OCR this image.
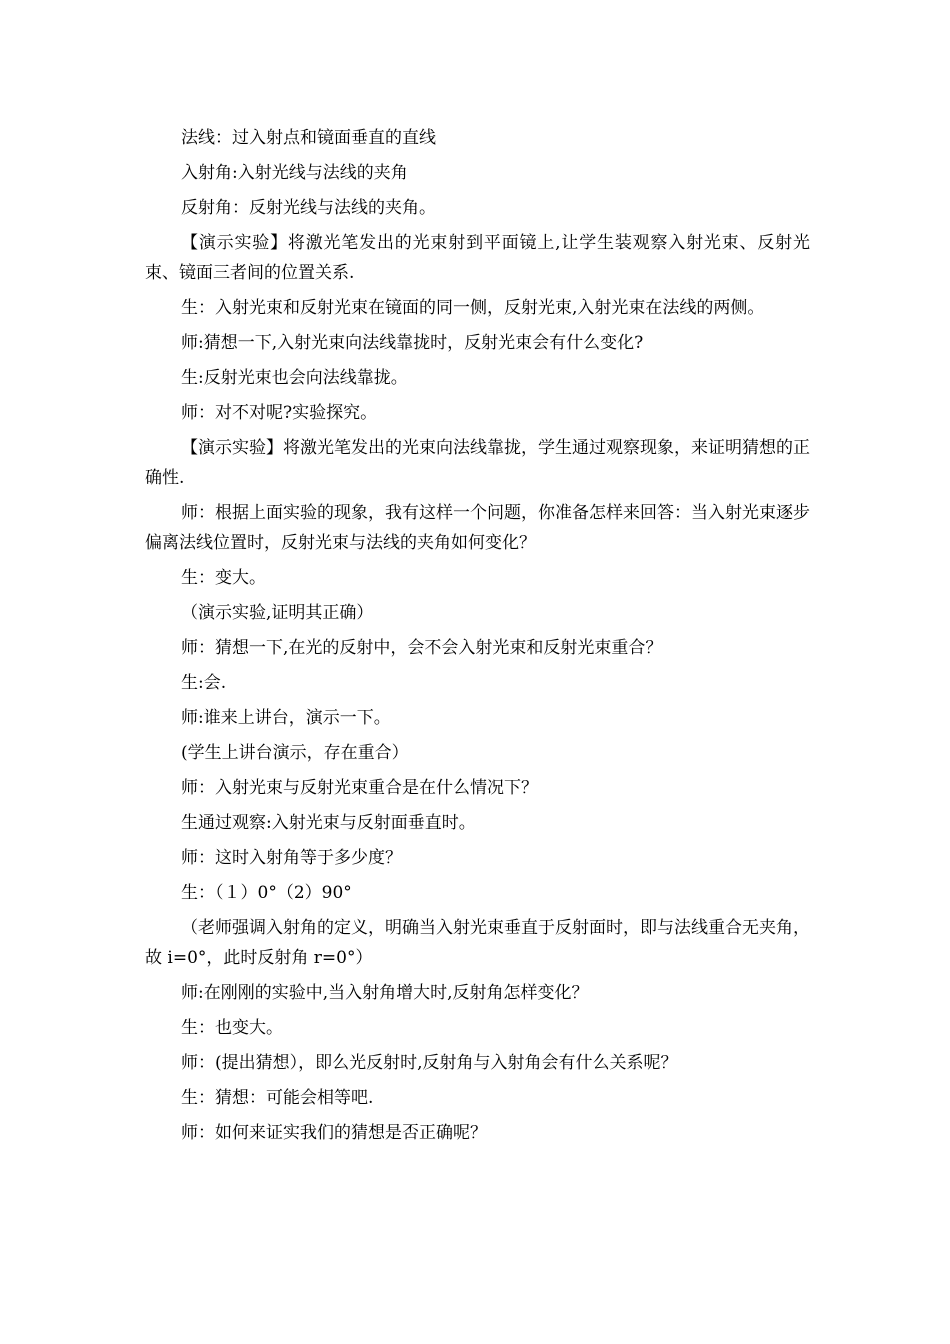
法线：过入射点和镜面垂直的直线

入射角:入射光线与法线的夹角

反射角：反射光线与法线的夹角。

【演示实验】将激光笔发出的光束射到平面镜上,让学生装观察入射光束、反射光束、镜面三者间的位置关系.

生：入射光束和反射光束在镜面的同一侧，反射光束,入射光束在法线的两侧。

师:猜想一下,入射光束向法线靠拢时，反射光束会有什么变化?

生:反射光束也会向法线靠拢。

师：对不对呢?实验探究。

【演示实验】将激光笔发出的光束向法线靠拢，学生通过观察现象，来证明猜想的正确性.

师：根据上面实验的现象，我有这样一个问题，你准备怎样来回答：当入射光束逐步偏离法线位置时，反射光束与法线的夹角如何变化？

生：变大。

（演示实验,证明其正确）

师：猜想一下,在光的反射中，会不会入射光束和反射光束重合？

生:会.

师:谁来上讲台，演示一下。

(学生上讲台演示，存在重合）

师：入射光束与反射光束重合是在什么情况下？

生通过观察:入射光束与反射面垂直时。

师：这时入射角等于多少度？

生：（１）0°（2）90°

（老师强调入射角的定义，明确当入射光束垂直于反射面时，即与法线重合无夹角，故 i=0°，此时反射角 r=0°）

师:在刚刚的实验中,当入射角增大时,反射角怎样变化？

生：也变大。

师：(提出猜想），即么光反射时,反射角与入射角会有什么关系呢？

生：猜想：可能会相等吧.

师：如何来证实我们的猜想是否正确呢？
